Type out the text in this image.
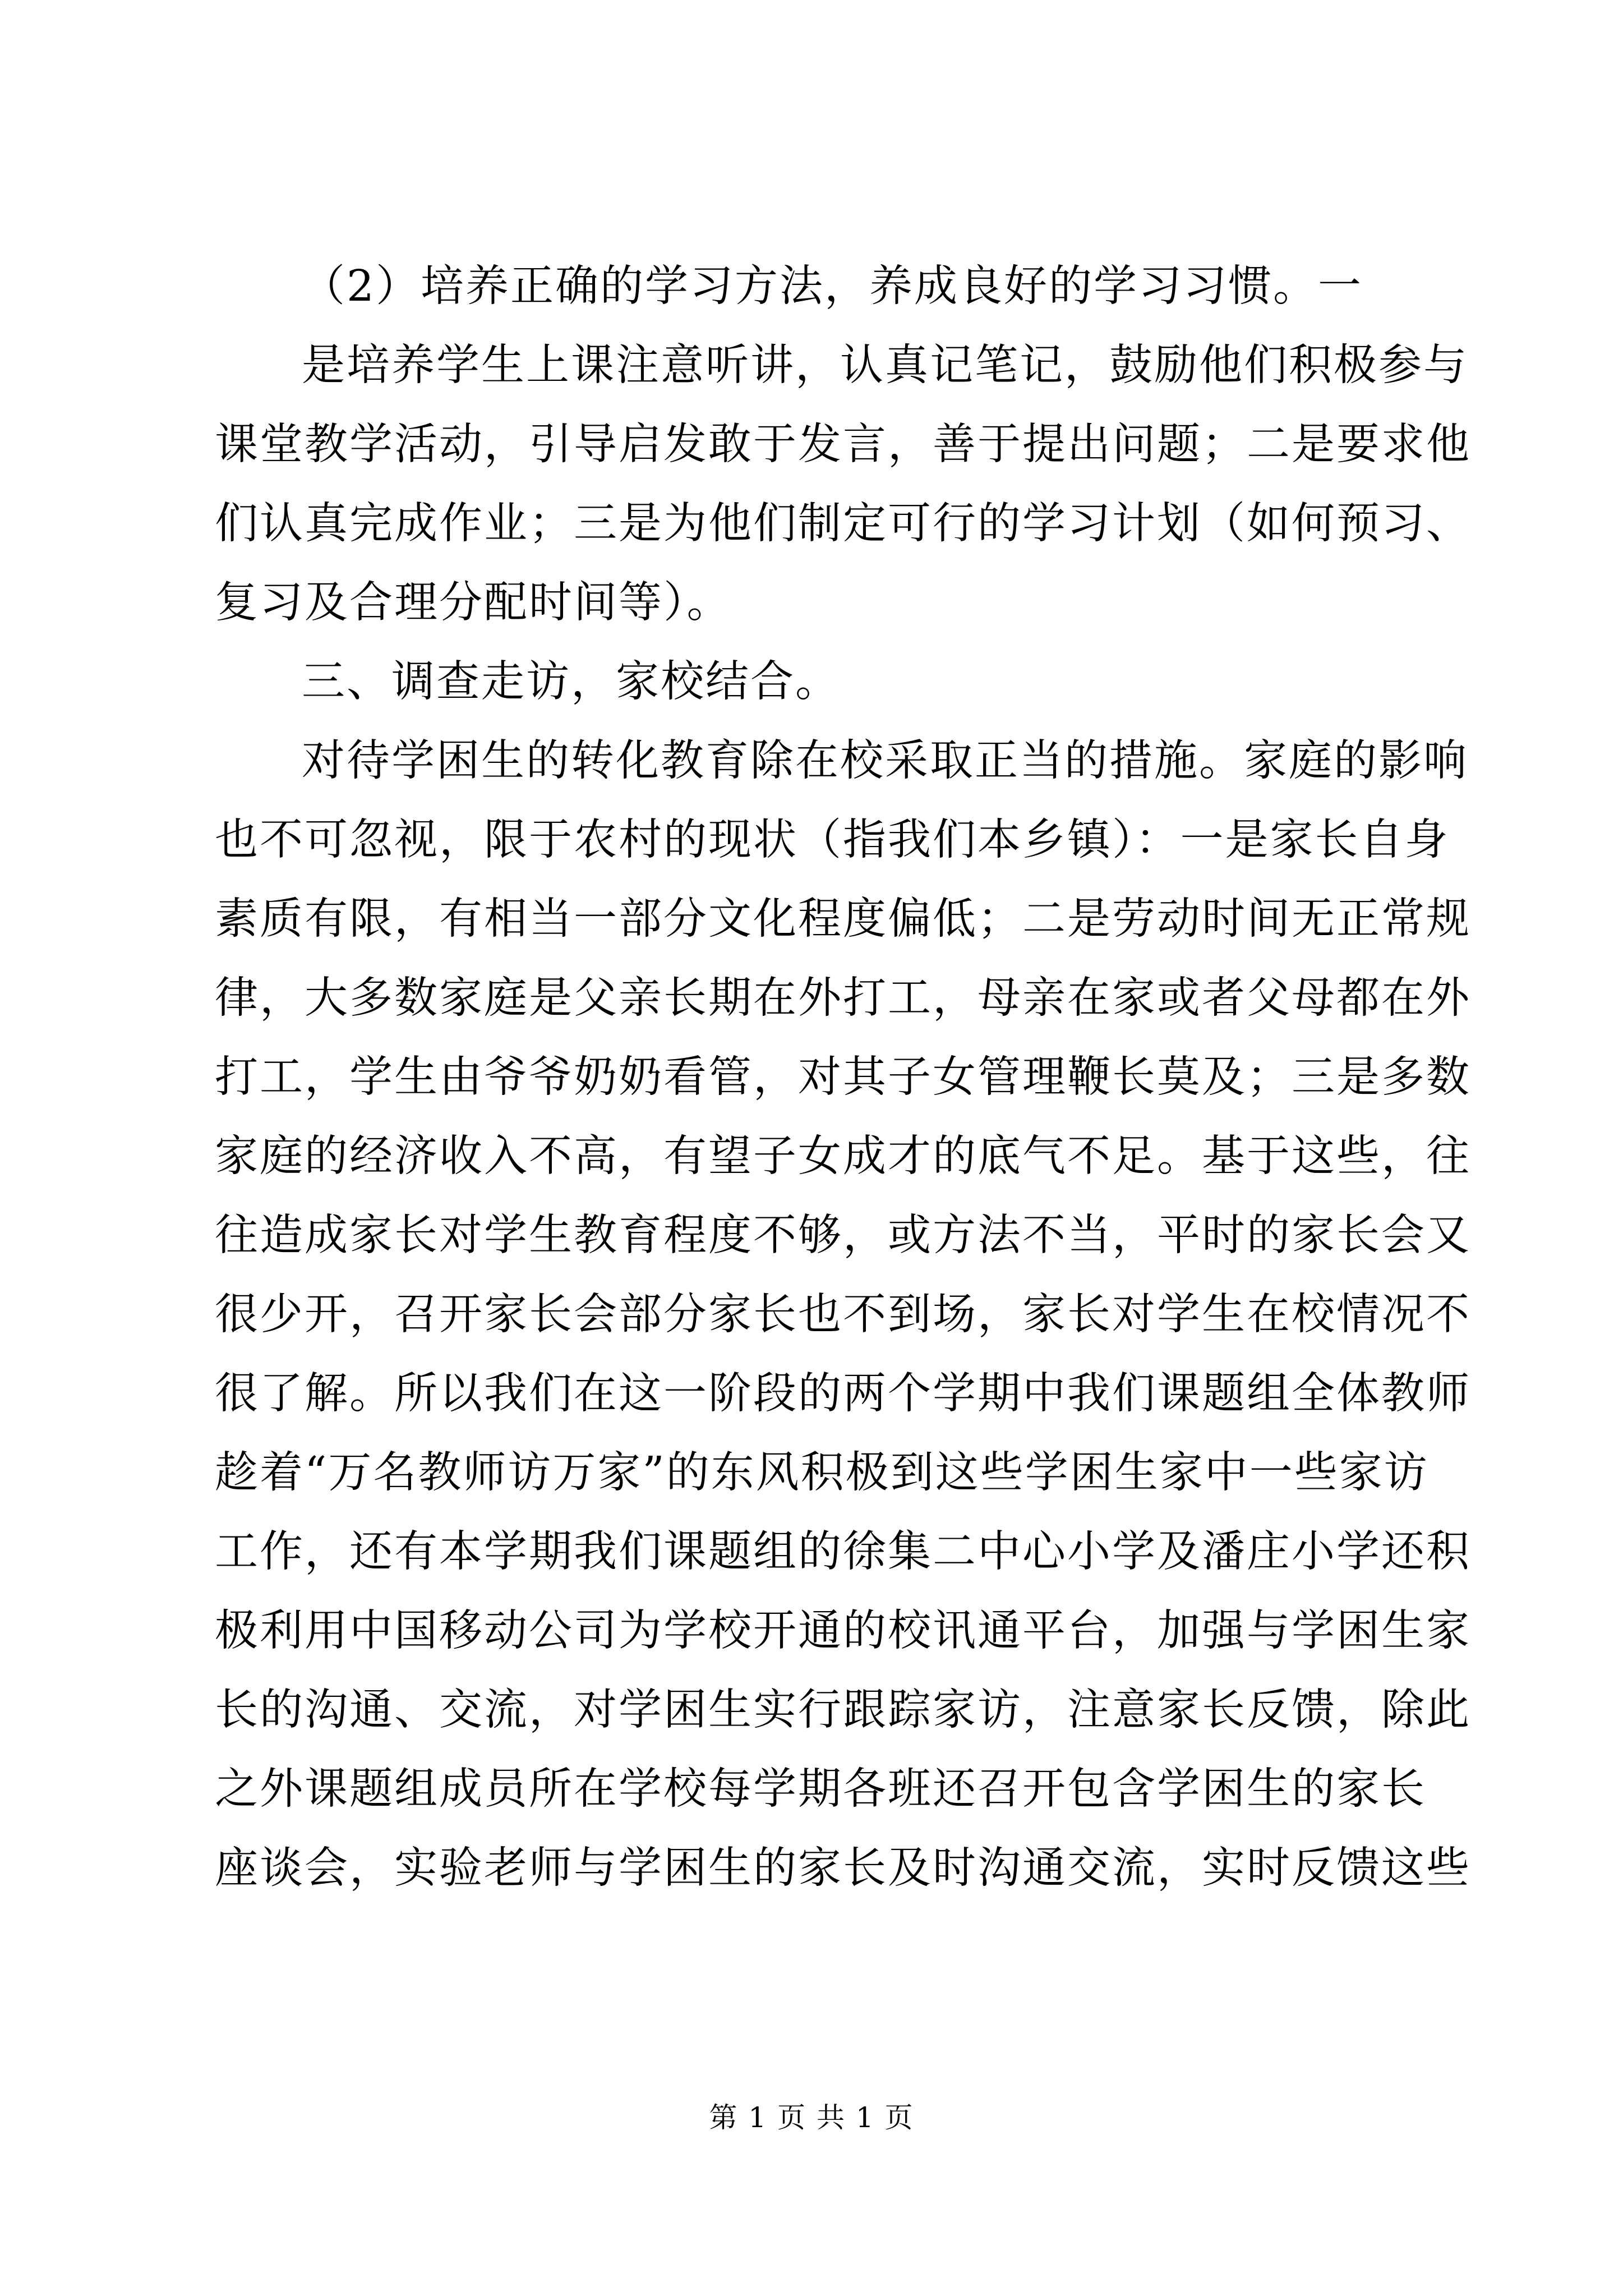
（2）培养正确的学习方法，养成良好的学习习惯。一
是培养学生上课注意听讲，认真记笔记，鼓励他们积极参与
课堂教学活动，引导启发敢于发言，善于提出问题；二是要求他
们认真完成作业；三是为他们制定可行的学习计划（如何预习、
复习及合理分配时间等）。
三、调查走访，家校结合。
对待学困生的转化教育除在校采取正当的措施。家庭的影响
也不可忽视，限于农村的现状（指我们本乡镇）：一是家长自身
素质有限，有相当一部分文化程度偏低；二是劳动时间无正常规
律，大多数家庭是父亲长期在外打工，母亲在家或者父母都在外
打工，学生由爷爷奶奶看管，对其子女管理鞭长莫及；三是多数
家庭的经济收入不高，有望子女成才的底气不足。基于这些，往
往造成家长对学生教育程度不够，或方法不当，平时的家长会又
很少开，召开家长会部分家长也不到场，家长对学生在校情况不
很了解。所以我们在这一阶段的两个学期中我们课题组全体教师
趁着“万名教师访万家”的东风积极到这些学困生家中一些家访
工作，还有本学期我们课题组的徐集二中心小学及潘庄小学还积
极利用中国移动公司为学校开通的校讯通平台，加强与学困生家
长的沟通、交流，对学困生实行跟踪家访，注意家长反馈，除此
之外课题组成员所在学校每学期各班还召开包含学困生的家长
座谈会，实验老师与学困生的家长及时沟通交流，实时反馈这些
第 1 页 共 1 页
